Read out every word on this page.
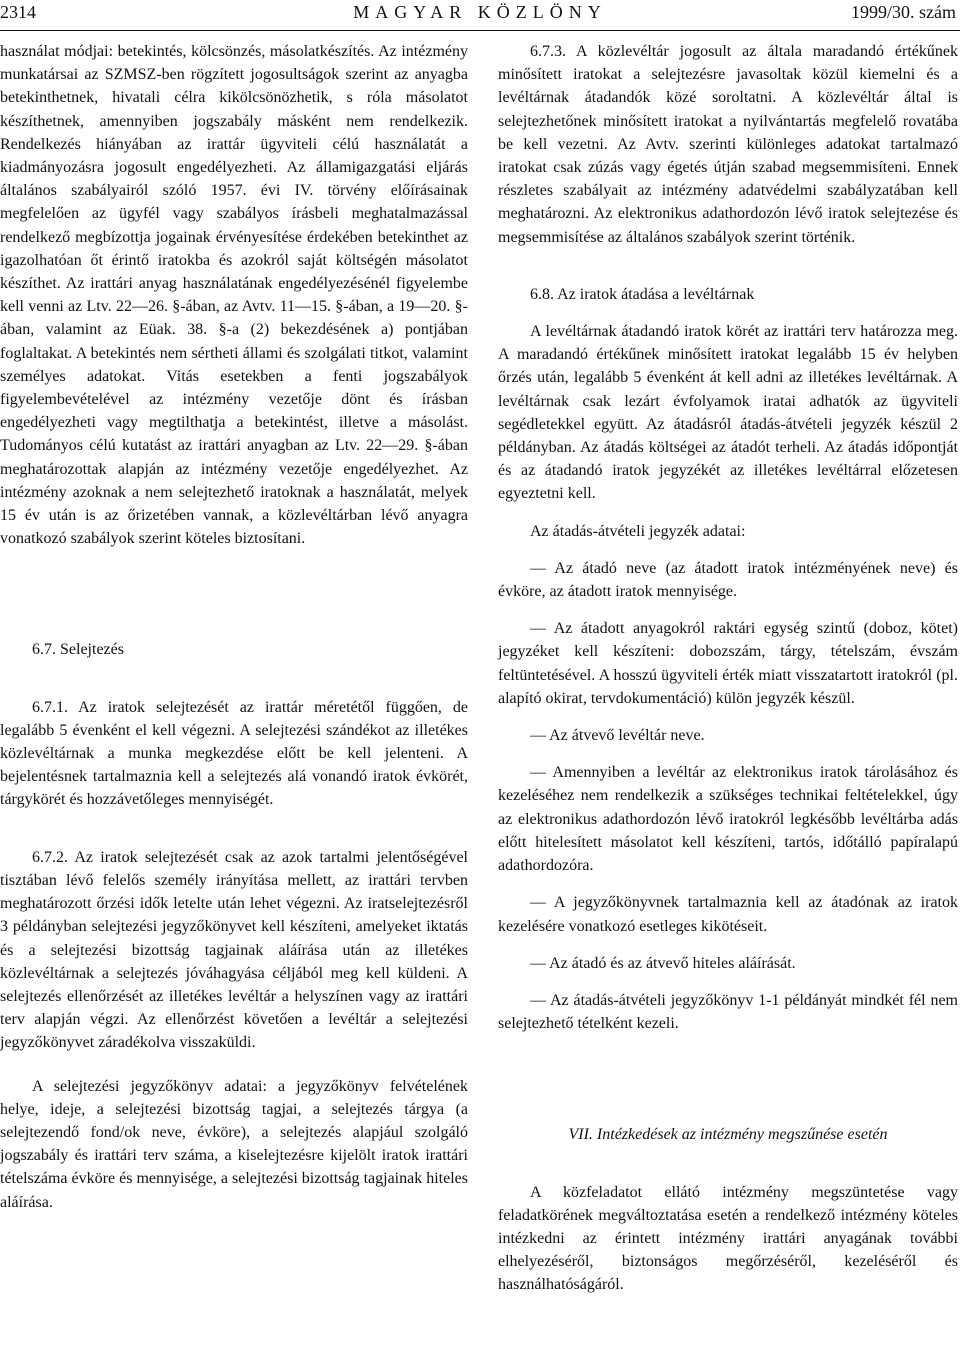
2314	MAGYAR KÖZLÖNY	1999/30. szám

használat módjai: betekintés, kölcsönzés, másolatkészítés. Az intézmény munkatársai az SZMSZ-ben rögzített jogosultságok szerint az anyagba betekinthetnek, hivatali célra kikölcsönözhetik, s róla másolatot készíthetnek, amennyiben jogszabály másként nem rendelkezik. Rendelkezés hiányában az irattár ügyviteli célú használatát a kiadmányozásra jogosult engedélyezheti. Az államigazgatási eljárás általános szabályairól szóló 1957. évi IV. törvény előírásainak megfelelően az ügyfél vagy szabályos írásbeli meghatalmazással rendelkező megbízottja jogainak érvényesítése érdekében betekinthet az igazolhatóan őt érintő iratokba és azokról saját költségén másolatot készíthet. Az irattári anyag használatának engedélyezésénél figyelembe kell venni az Ltv. 22—26. §-ában, az Avtv. 11—15. §-ában, a 19—20. §-ában, valamint az Eüak. 38. §-a (2) bekezdésének a) pontjában foglaltakat. A betekintés nem sértheti állami és szolgálati titkot, valamint személyes adatokat. Vitás esetekben a fenti jogszabályok figyelembevételével az intézmény vezetője dönt és írásban engedélyezheti vagy megtilthatja a betekintést, illetve a másolást. Tudományos célú kutatást az irattári anyagban az Ltv. 22—29. §-ában meghatározottak alapján az intézmény vezetője engedélyezhet. Az intézmény azoknak a nem selejtezhető iratoknak a használatát, melyek 15 év után is az őrizetében vannak, a közlevéltárban lévő anyagra vonatkozó szabályok szerint köteles biztosítani.

6.7. Selejtezés

6.7.1. Az iratok selejtezését az irattár méretétől függően, de legalább 5 évenként el kell végezni. A selejtezési szándékot az illetékes közlevéltárnak a munka megkezdése előtt be kell jelenteni. A bejelentésnek tartalmaznia kell a selejtezés alá vonandó iratok évkörét, tárgykörét és hozzávetőleges mennyiségét.

6.7.2. Az iratok selejtezését csak az azok tartalmi jelentőségével tisztában lévő felelős személy irányítása mellett, az irattári tervben meghatározott őrzési idők letelte után lehet végezni. Az iratselejtezésről 3 példányban selejtezési jegyzőkönyvet kell készíteni, amelyeket iktatás és a selejtezési bizottság tagjainak aláírása után az illetékes közlevéltárnak a selejtezés jóváhagyása céljából meg kell küldeni. A selejtezés ellenőrzését az illetékes levéltár a helyszínen vagy az irattári terv alapján végzi. Az ellenőrzést követően a levéltár a selejtezési jegyzőkönyvet záradékolva visszaküldi.

A selejtezési jegyzőkönyv adatai: a jegyzőkönyv felvételének helye, ideje, a selejtezési bizottság tagjai, a selejtezés tárgya (a selejtezendő fond/ok neve, évköre), a selejtezés alapjául szolgáló jogszabály és irattári terv száma, a kiselejtezésre kijelölt iratok irattári tételszáma évköre és mennyisége, a selejtezési bizottság tagjainak hiteles aláírása.

6.7.3. A közlevéltár jogosult az általa maradandó értékűnek minősített iratokat a selejtezésre javasoltak közül kiemelni és a levéltárnak átadandók közé soroltatni. A közlevéltár által is selejtezhetőnek minősített iratokat a nyilvántartás megfelelő rovatába be kell vezetni. Az Avtv. szerinti különleges adatokat tartalmazó iratokat csak zúzás vagy égetés útján szabad megsemmisíteni. Ennek részletes szabályait az intézmény adatvédelmi szabályzatában kell meghatározni. Az elektronikus adathordozón lévő iratok selejtezése és megsemmisítése az általános szabályok szerint történik.

6.8. Az iratok átadása a levéltárnak

A levéltárnak átadandó iratok körét az irattári terv határozza meg. A maradandó értékűnek minősített iratokat legalább 15 év helyben őrzés után, legalább 5 évenként át kell adni az illetékes levéltárnak. A levéltárnak csak lezárt évfolyamok iratai adhatók az ügyviteli segédletekkel együtt. Az átadásról átadás-átvételi jegyzék készül 2 példányban. Az átadás költségei az átadót terheli. Az átadás időpontját és az átadandó iratok jegyzékét az illetékes levéltárral előzetesen egyeztetni kell.

Az átadás-átvételi jegyzék adatai:

— Az átadó neve (az átadott iratok intézményének neve) és évköre, az átadott iratok mennyisége.

— Az átadott anyagokról raktári egység szintű (doboz, kötet) jegyzéket kell készíteni: dobozszám, tárgy, tételszám, évszám feltüntetésével. A hosszú ügyviteli érték miatt visszatartott iratokról (pl. alapító okirat, tervdokumentáció) külön jegyzék készül.

— Az átvevő levéltár neve.

— Amennyiben a levéltár az elektronikus iratok tárolásához és kezeléséhez nem rendelkezik a szükséges technikai feltételekkel, úgy az elektronikus adathordozón lévő iratokról legkésőbb levéltárba adás előtt hitelesített másolatot kell készíteni, tartós, időtálló papíralapú adathordozóra.

— A jegyzőkönyvnek tartalmaznia kell az átadónak az iratok kezelésére vonatkozó esetleges kikötéseit.

— Az átadó és az átvevő hiteles aláírását.

— Az átadás-átvételi jegyzőkönyv 1-1 példányát mindkét fél nem selejtezhető tételként kezeli.

VII. Intézkedések az intézmény megszűnése esetén

A közfeladatot ellátó intézmény megszüntetése vagy feladatkörének megváltoztatása esetén a rendelkező intézmény köteles intézkedni az érintett intézmény irattári anyagának további elhelyezéséről, biztonságos megőrzéséről, kezeléséről és használhatóságáról.
